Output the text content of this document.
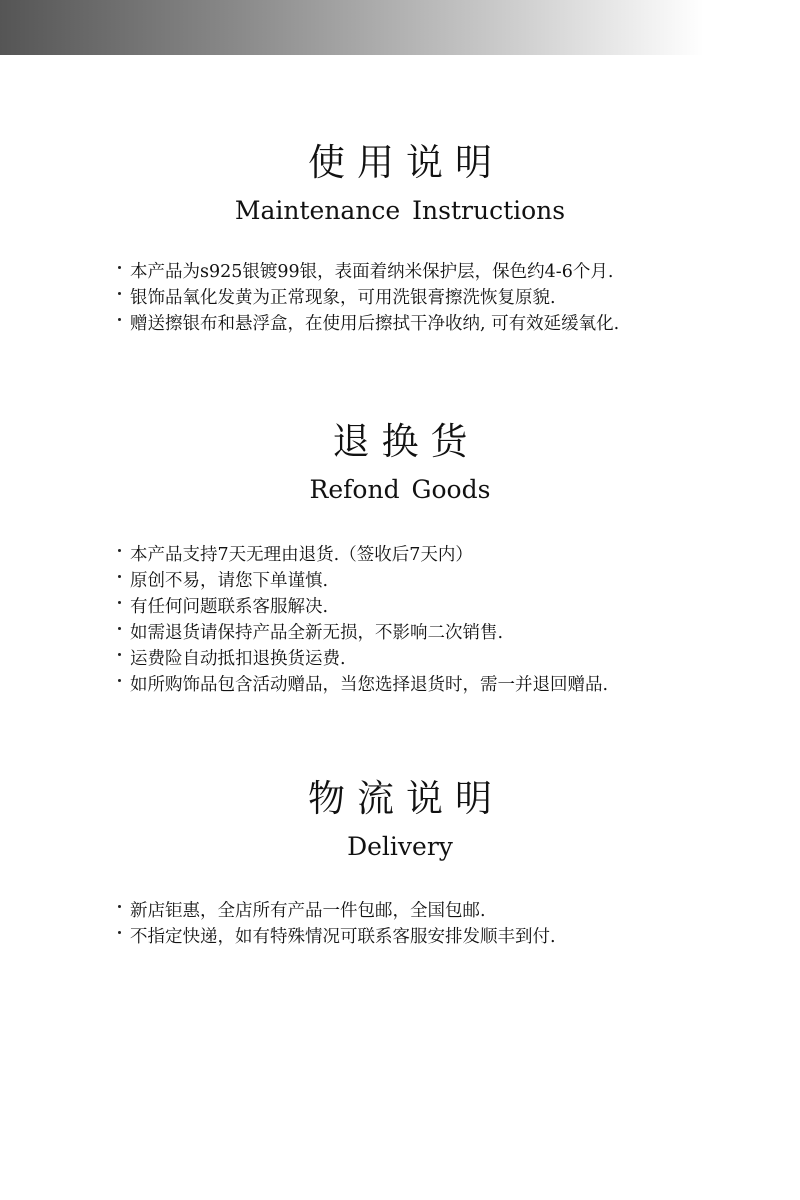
使用说明
Maintenance Instructions
本产品为s925银镀99银，表面着纳米保护层，保色约4-6个月.
银饰品氧化发黄为正常现象，可用洗银膏擦洗恢复原貌.
赠送擦银布和悬浮盒，在使用后擦拭干净收纳, 可有效延缓氧化.
退换货
Refond Goods
本产品支持7天无理由退货.（签收后7天内）
原创不易，请您下单谨慎.
有任何问题联系客服解决.
如需退货请保持产品全新无损，不影响二次销售.
运费险自动抵扣退换货运费.
如所购饰品包含活动赠品，当您选择退货时，需一并退回赠品.
物流说明
Delivery
新店钜惠，全店所有产品一件包邮，全国包邮.
不指定快递，如有特殊情况可联系客服安排发顺丰到付.
